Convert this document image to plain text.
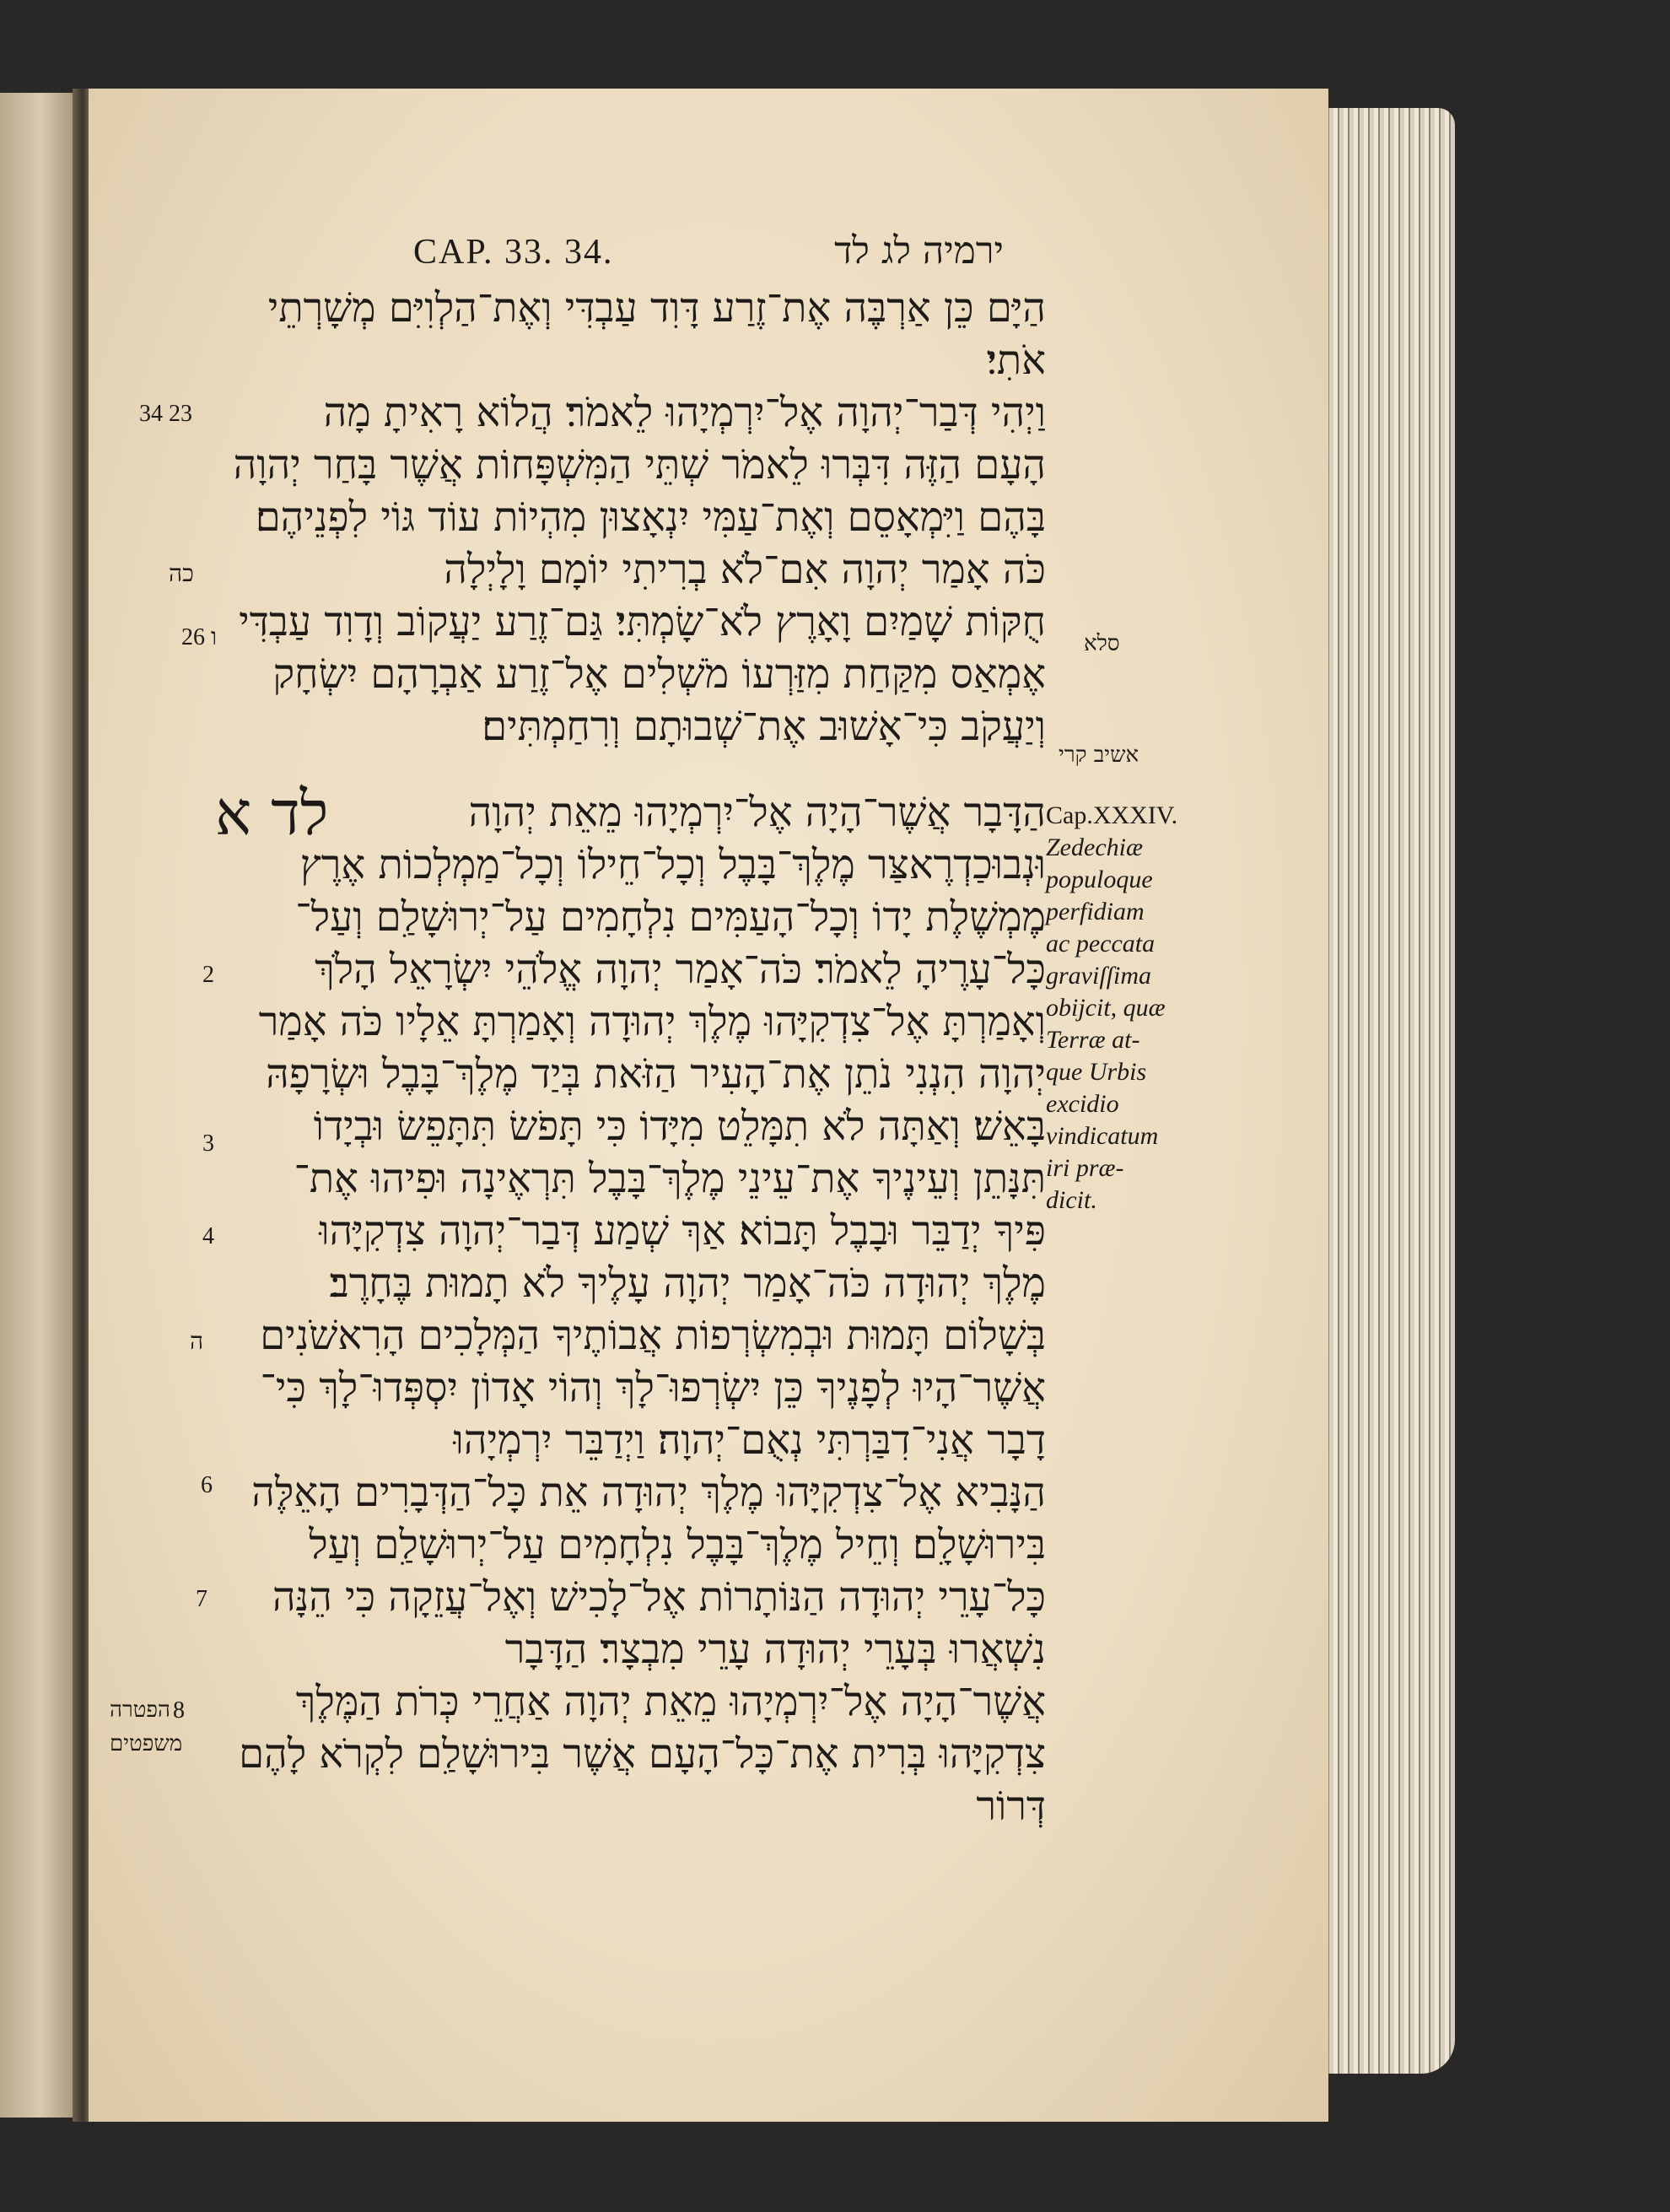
CAP. 33. 34.	ירמיה לג לד
הַיָּם כֵּן אַרְבֶּה אֶת־זֶרַע דָּוִד עַבְדִּי וְאֶת־הַלְוִיִּם מְשָׁרְתֵי
אֹתִי׃
וַיְהִי דְּבַר־יְהוָה אֶל־יִרְמְיָהוּ לֵאמֹר׃ הֲלוֹא רָאִיתָ מָה
הָעָם הַזֶּה דִּבְּרוּ לֵאמֹר שְׁתֵּי הַמִּשְׁפָּחוֹת אֲשֶׁר בָּחַר יְהוָה
בָּהֶם וַיִּמְאָסֵם וְאֶת־עַמִּי יִנְאָצוּן מִהְיוֹת עוֹד גּוֹי לִפְנֵיהֶם׃
כֹּה אָמַר יְהוָה אִם־לֹא בְרִיתִי יוֹמָם וָלָיְלָה
חֻקּוֹת שָׁמַיִם וָאָרֶץ לֹא־שָׂמְתִּי׃ גַּם־זֶרַע יַעֲקוֹב וְדָוִד עַבְדִּי
אֶמְאַס מִקַּחַת מִזַּרְעוֹ מֹשְׁלִים אֶל־זֶרַע אַבְרָהָם יִשְׂחָק
וְיַעֲקֹב כִּי־אָשׁוּב אֶת־שְׁבוּתָם וְרִחַמְתִּים׃
הַדָּבָר אֲשֶׁר־הָיָה אֶל־יִרְמְיָהוּ מֵאֵת יְהוָה
וּנְבוּכַדְרֶאצַּר מֶלֶךְ־בָּבֶל וְכָל־חֵילוֹ וְכָל־מַמְלְכוֹת אֶרֶץ
מֶמְשֶׁלֶת יָדוֹ וְכָל־הָעַמִּים נִלְחָמִים עַל־יְרוּשָׁלִַם וְעַל־
כָּל־עָרֶיהָ לֵאמֹר׃ כֹּה־אָמַר יְהוָה אֱלֹהֵי יִשְׂרָאֵל הָלֹךְ
וְאָמַרְתָּ אֶל־צִדְקִיָּהוּ מֶלֶךְ יְהוּדָה וְאָמַרְתָּ אֵלָיו כֹּה אָמַר
יְהוָה הִנְנִי נֹתֵן אֶת־הָעִיר הַזֹּאת בְּיַד מֶלֶךְ־בָּבֶל וּשְׂרָפָהּ
בָּאֵשׁ׃ וְאַתָּה לֹא תִמָּלֵט מִיָּדוֹ כִּי תָּפֹשׂ תִּתָּפֵשׂ וּבְיָדוֹ
תִּנָּתֵן וְעֵינֶיךָ אֶת־עֵינֵי מֶלֶךְ־בָּבֶל תִּרְאֶינָה וּפִיהוּ אֶת־
פִּיךָ יְדַבֵּר וּבָבֶל תָּבוֹא׃ אַךְ שְׁמַע דְּבַר־יְהוָה צִדְקִיָּהוּ
מֶלֶךְ יְהוּדָה כֹּה־אָמַר יְהוָה עָלֶיךָ לֹא תָמוּת בֶּחָרֶב׃
בְּשָׁלוֹם תָּמוּת וּבְמִשְׂרְפוֹת אֲבוֹתֶיךָ הַמְּלָכִים הָרִאשֹׁנִים
אֲשֶׁר־הָיוּ לְפָנֶיךָ כֵּן יִשְׂרְפוּ־לָךְ וְהוֹי אָדוֹן יִסְפְּדוּ־לָךְ כִּי־
דָבָר אֲנִי־דִבַּרְתִּי נְאֻם־יְהוָה׃ וַיְדַבֵּר יִרְמְיָהוּ
הַנָּבִיא אֶל־צִדְקִיָּהוּ מֶלֶךְ יְהוּדָה אֵת כָּל־הַדְּבָרִים הָאֵלֶּה
בִּירוּשָׁלִָם׃ וְחֵיל מֶלֶךְ־בָּבֶל נִלְחָמִים עַל־יְרוּשָׁלִַם וְעַל
כָּל־עָרֵי יְהוּדָה הַנּוֹתָרוֹת אֶל־לָכִישׁ וְאֶל־עֲזֵקָה כִּי הֵנָּה
נִשְׁאֲרוּ בְּעָרֵי יְהוּדָה עָרֵי מִבְצָר׃ הַדָּבָר
אֲשֶׁר־הָיָה אֶל־יִרְמְיָהוּ מֵאֵת יְהוָה אַחֲרֵי כְּרֹת הַמֶּלֶךְ
צִדְקִיָּהוּ בְּרִית אֶת־כָּל־הָעָם אֲשֶׁר בִּירוּשָׁלִַם לִקְרֹא לָהֶם
דְּרוֹר
לד א
34 23
כה
26 ו
2
3
4
ה
6
7
8
סלא
אשיב קרי
הפטרה
משפטים
Cap.XXXIV.
Zedechiæ
populoque
perfidiam
ac peccata
graviſſima
obijcit, quæ
Terræ at-
que Urbis
excidio
vindicatum
iri præ-
dicit.
